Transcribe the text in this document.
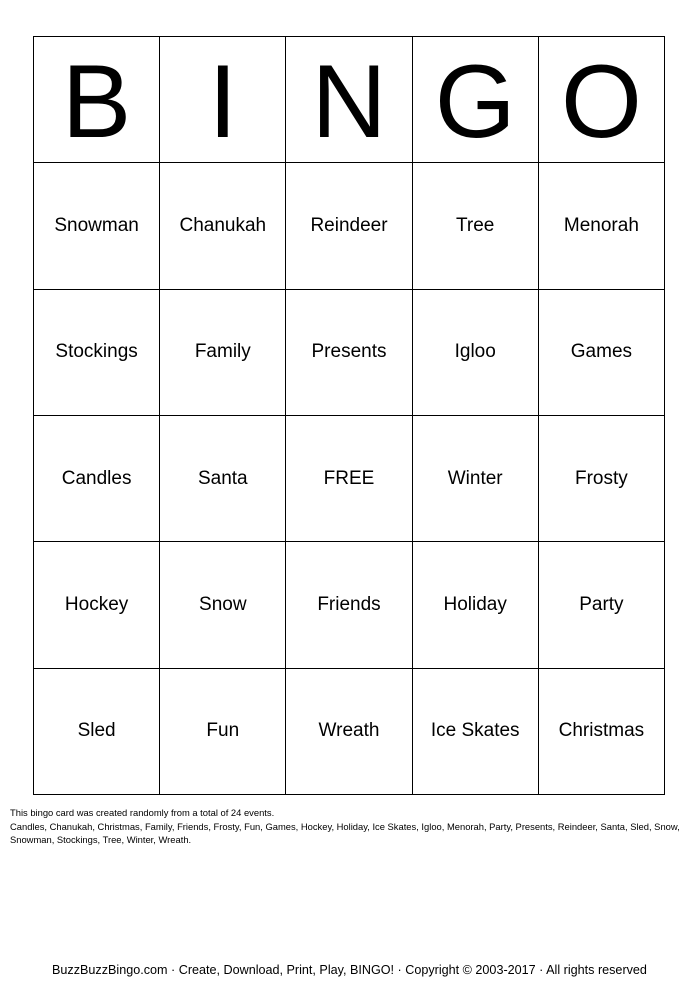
B I N G O
Snowman	Chanukah	Reindeer	Tree	Menorah
Stockings	Family	Presents	Igloo	Games
Candles	Santa	FREE	Winter	Frosty
Hockey	Snow	Friends	Holiday	Party
Sled	Fun	Wreath	Ice Skates	Christmas

This bingo card was created randomly from a total of 24 events.

Candles, Chanukah, Christmas, Family, Friends, Frosty, Fun, Games, Hockey, Holiday, Ice Skates, Igloo, Menorah, Party, Presents, Reindeer, Santa, Sled, Snow, Snowman, Stockings, Tree, Winter, Wreath.

BuzzBuzzBingo.com · Create, Download, Print, Play, BINGO! · Copyright © 2003-2017 · All rights reserved
